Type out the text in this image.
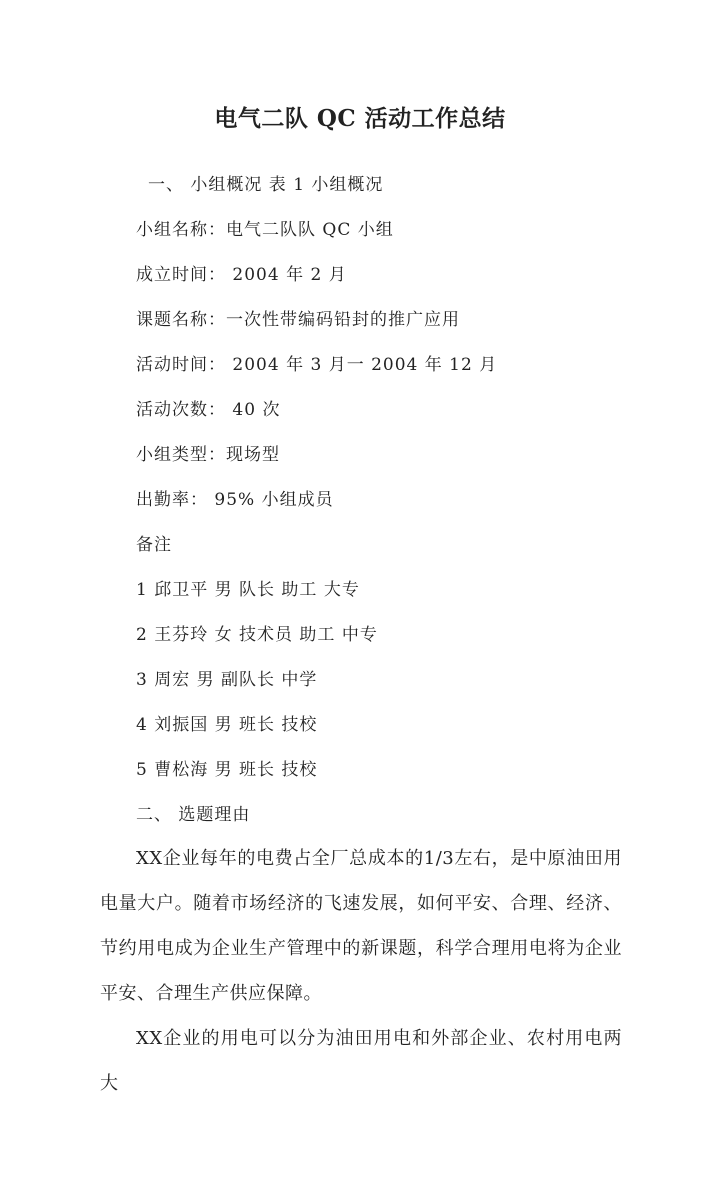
电气二队 QC 活动工作总结
一、 小组概况 表 1 小组概况
小组名称：电气二队队 QC 小组
成立时间： 2004 年 2 月
课题名称：一次性带编码铅封的推广应用
活动时间： 2004 年 3 月一 2004 年 12 月
活动次数： 40 次
小组类型：现场型
出勤率： 95% 小组成员
备注
1 邱卫平 男 队长 助工 大专
2 王芬玲 女 技术员 助工 中专
3 周宏 男 副队长 中学
4 刘振国 男 班长 技校
5 曹松海 男 班长 技校
二、 选题理由
XX企业每年的电费占全厂总成本的1/3左右，是中原油田用电量大户。随着市场经济的飞速发展，如何平安、合理、经济、节约用电成为企业生产管理中的新课题，科学合理用电将为企业平安、合理生产供应保障。
XX企业的用电可以分为油田用电和外部企业、农村用电两大
